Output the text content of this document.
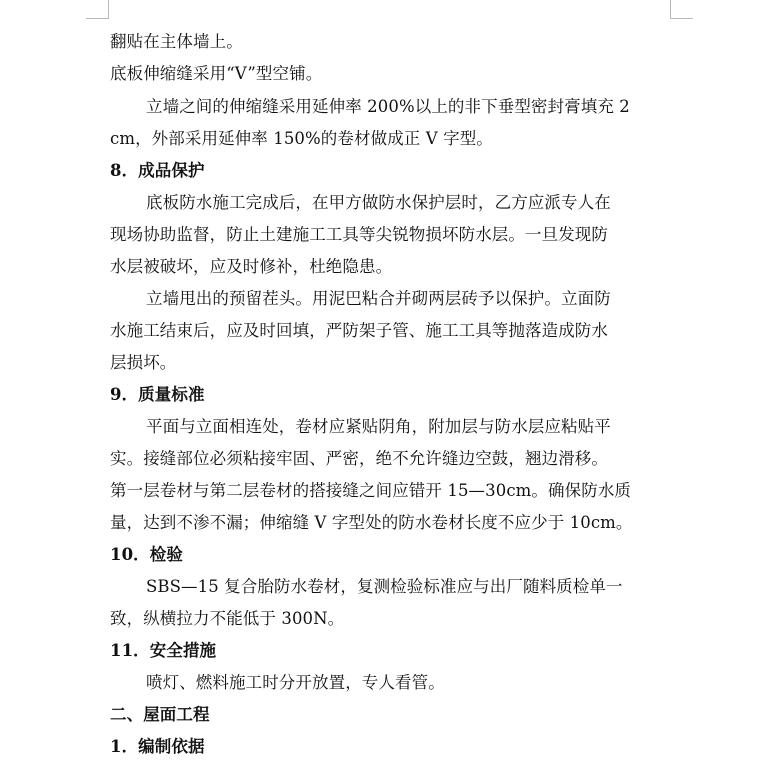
翻贴在主体墙上。
底板伸缩缝采用“V”型空铺。
立墙之间的伸缩缝采用延伸率 200%以上的非下垂型密封膏填充 2
cm，外部采用延伸率 150%的卷材做成正 V 字型。
8．成品保护
底板防水施工完成后，在甲方做防水保护层时，乙方应派专人在
现场协助监督，防止土建施工工具等尖锐物损坏防水层。一旦发现防
水层被破坏，应及时修补，杜绝隐患。
立墙甩出的预留茬头。用泥巴粘合并砌两层砖予以保护。立面防
水施工结束后，应及时回填，严防架子管、施工工具等抛落造成防水
层损坏。
9．质量标准
平面与立面相连处，卷材应紧贴阴角，附加层与防水层应粘贴平
实。接缝部位必须粘接牢固、严密，绝不允许缝边空鼓，翘边滑移。
第一层卷材与第二层卷材的搭接缝之间应错开 15—30cm。确保防水质
量，达到不渗不漏；伸缩缝 V 字型处的防水卷材长度不应少于 10cm。
10．检验
SBS—15 复合胎防水卷材，复测检验标准应与出厂随料质检单一
致，纵横拉力不能低于 300N。
11．安全措施
喷灯、燃料施工时分开放置，专人看管。
二、屋面工程
1．编制依据
